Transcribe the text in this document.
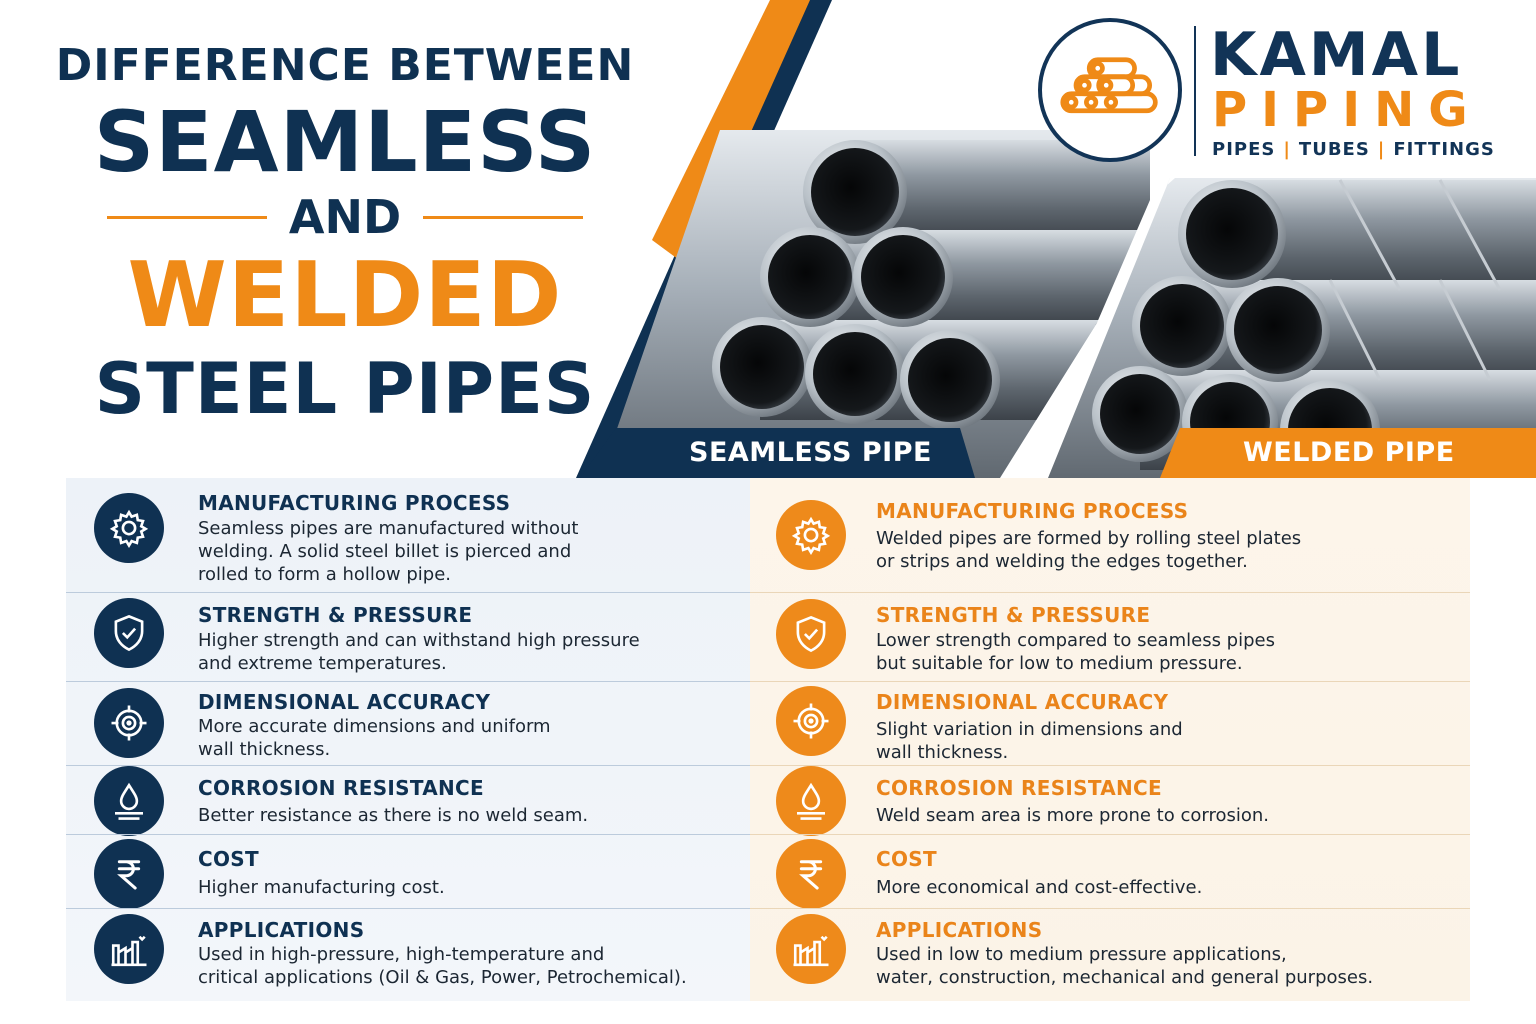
SEAMLESS PIPE	WELDED PIPE
DIFFERENCE BETWEEN
SEAMLESS
AND
WELDED
STEEL PIPES
KAMAL
PIPING
PIPES | TUBES | FITTINGS
MANUFACTURING PROCESS
Seamless pipes are manufactured without
welding. A solid steel billet is pierced and
rolled to form a hollow pipe.
STRENGTH & PRESSURE
Higher strength and can withstand high pressure
and extreme temperatures.
DIMENSIONAL ACCURACY
More accurate dimensions and uniform
wall thickness.
CORROSION RESISTANCE
Better resistance as there is no weld seam.
COST
Higher manufacturing cost.
APPLICATIONS
Used in high-pressure, high-temperature and
critical applications (Oil & Gas, Power, Petrochemical).
MANUFACTURING PROCESS
Welded pipes are formed by rolling steel plates
or strips and welding the edges together.
STRENGTH & PRESSURE
Lower strength compared to seamless pipes
but suitable for low to medium pressure.
DIMENSIONAL ACCURACY
Slight variation in dimensions and
wall thickness.
CORROSION RESISTANCE
Weld seam area is more prone to corrosion.
COST
More economical and cost-effective.
APPLICATIONS
Used in low to medium pressure applications,
water, construction, mechanical and general purposes.
